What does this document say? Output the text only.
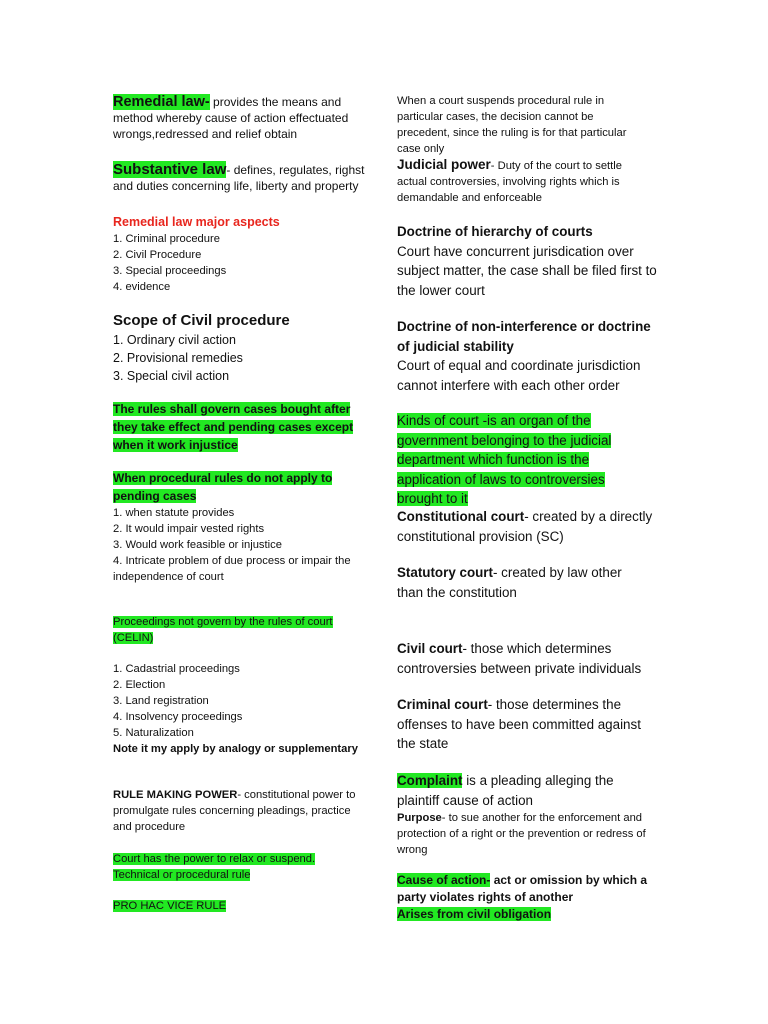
Remedial law- provides the means and method whereby cause of action effectuated wrongs,redressed and relief obtain

Substantive law- defines, regulates, righst and duties concerning life, liberty and property

Remedial law major aspects

1. Criminal procedure

2. Civil Procedure

3. Special proceedings

4. evidence

Scope of Civil procedure

1. Ordinary civil action

2. Provisional remedies

3. Special civil action

The rules shall govern cases bought after they take effect and pending cases except when it work injustice

When procedural rules do not apply to pending cases

1. when statute provides

2. It would impair vested rights

3. Would work feasible or injustice

4. Intricate problem of due process or impair the independence of court

Proceedings not govern by the rules of court (CELIN)

1. Cadastrial proceedings

2. Election

3. Land registration

4. Insolvency proceedings

5. Naturalization

Note it my apply by analogy or supplementary

RULE MAKING POWER- constitutional power to promulgate rules concerning pleadings, practice and procedure

Court has the power to relax or suspend. Technical or procedural rule

PRO HAC VICE RULE

When a court suspends procedural rule in particular cases, the decision cannot be precedent, since the ruling is for that particular case only

Judicial power- Duty of the court to settle actual controversies, involving rights which is demandable and enforceable

Doctrine of hierarchy of courts

Court have concurrent jurisdication over subject matter, the case shall be filed first to the lower court

Doctrine of non-interference or doctrine of judicial stability

Court of equal and coordinate jurisdiction cannot interfere with each other order

Kinds of court -is an organ of the government belonging to the judicial department which function is the application of laws to controversies brought to it

Constitutional court- created by a directly constitutional provision (SC)

Statutory court- created by law other than the constitution

Civil court- those which determines controversies between private individuals

Criminal court- those determines the offenses to have been committed against the state

Complaint is a pleading alleging the plaintiff cause of action

Purpose- to sue another for the enforcement and protection of a right or the prevention or redress of wrong

Cause of action- act or omission by which a party violates rights of another

Arises from civil obligation
